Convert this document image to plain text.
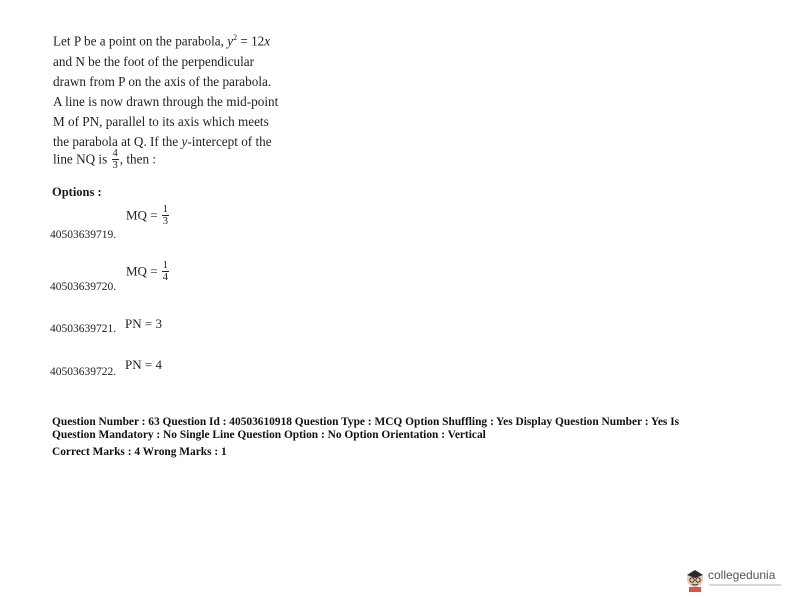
Let P be a point on the parabola, $y^2 = 12x$
and N be the foot of the perpendicular
drawn from P on the axis of the parabola.
A line is now drawn through the mid-point
M of PN, parallel to its axis which meets
the parabola at Q. If the y-intercept of the
line NQ is $\frac{4}{3}$ , then :
Options :
MQ = $\frac{1}{3}$
40503639719.
MQ = $\frac{1}{4}$
40503639720.
40503639721. PN = 3
40503639722. PN = 4
Question Number : 63 Question Id : 40503610918 Question Type : MCQ Option Shuffling : Yes Display Question Number : Yes Is
Question Mandatory : No Single Line Question Option : No Option Orientation : Vertical
Correct Marks : 4 Wrong Marks : 1
collegedunia
